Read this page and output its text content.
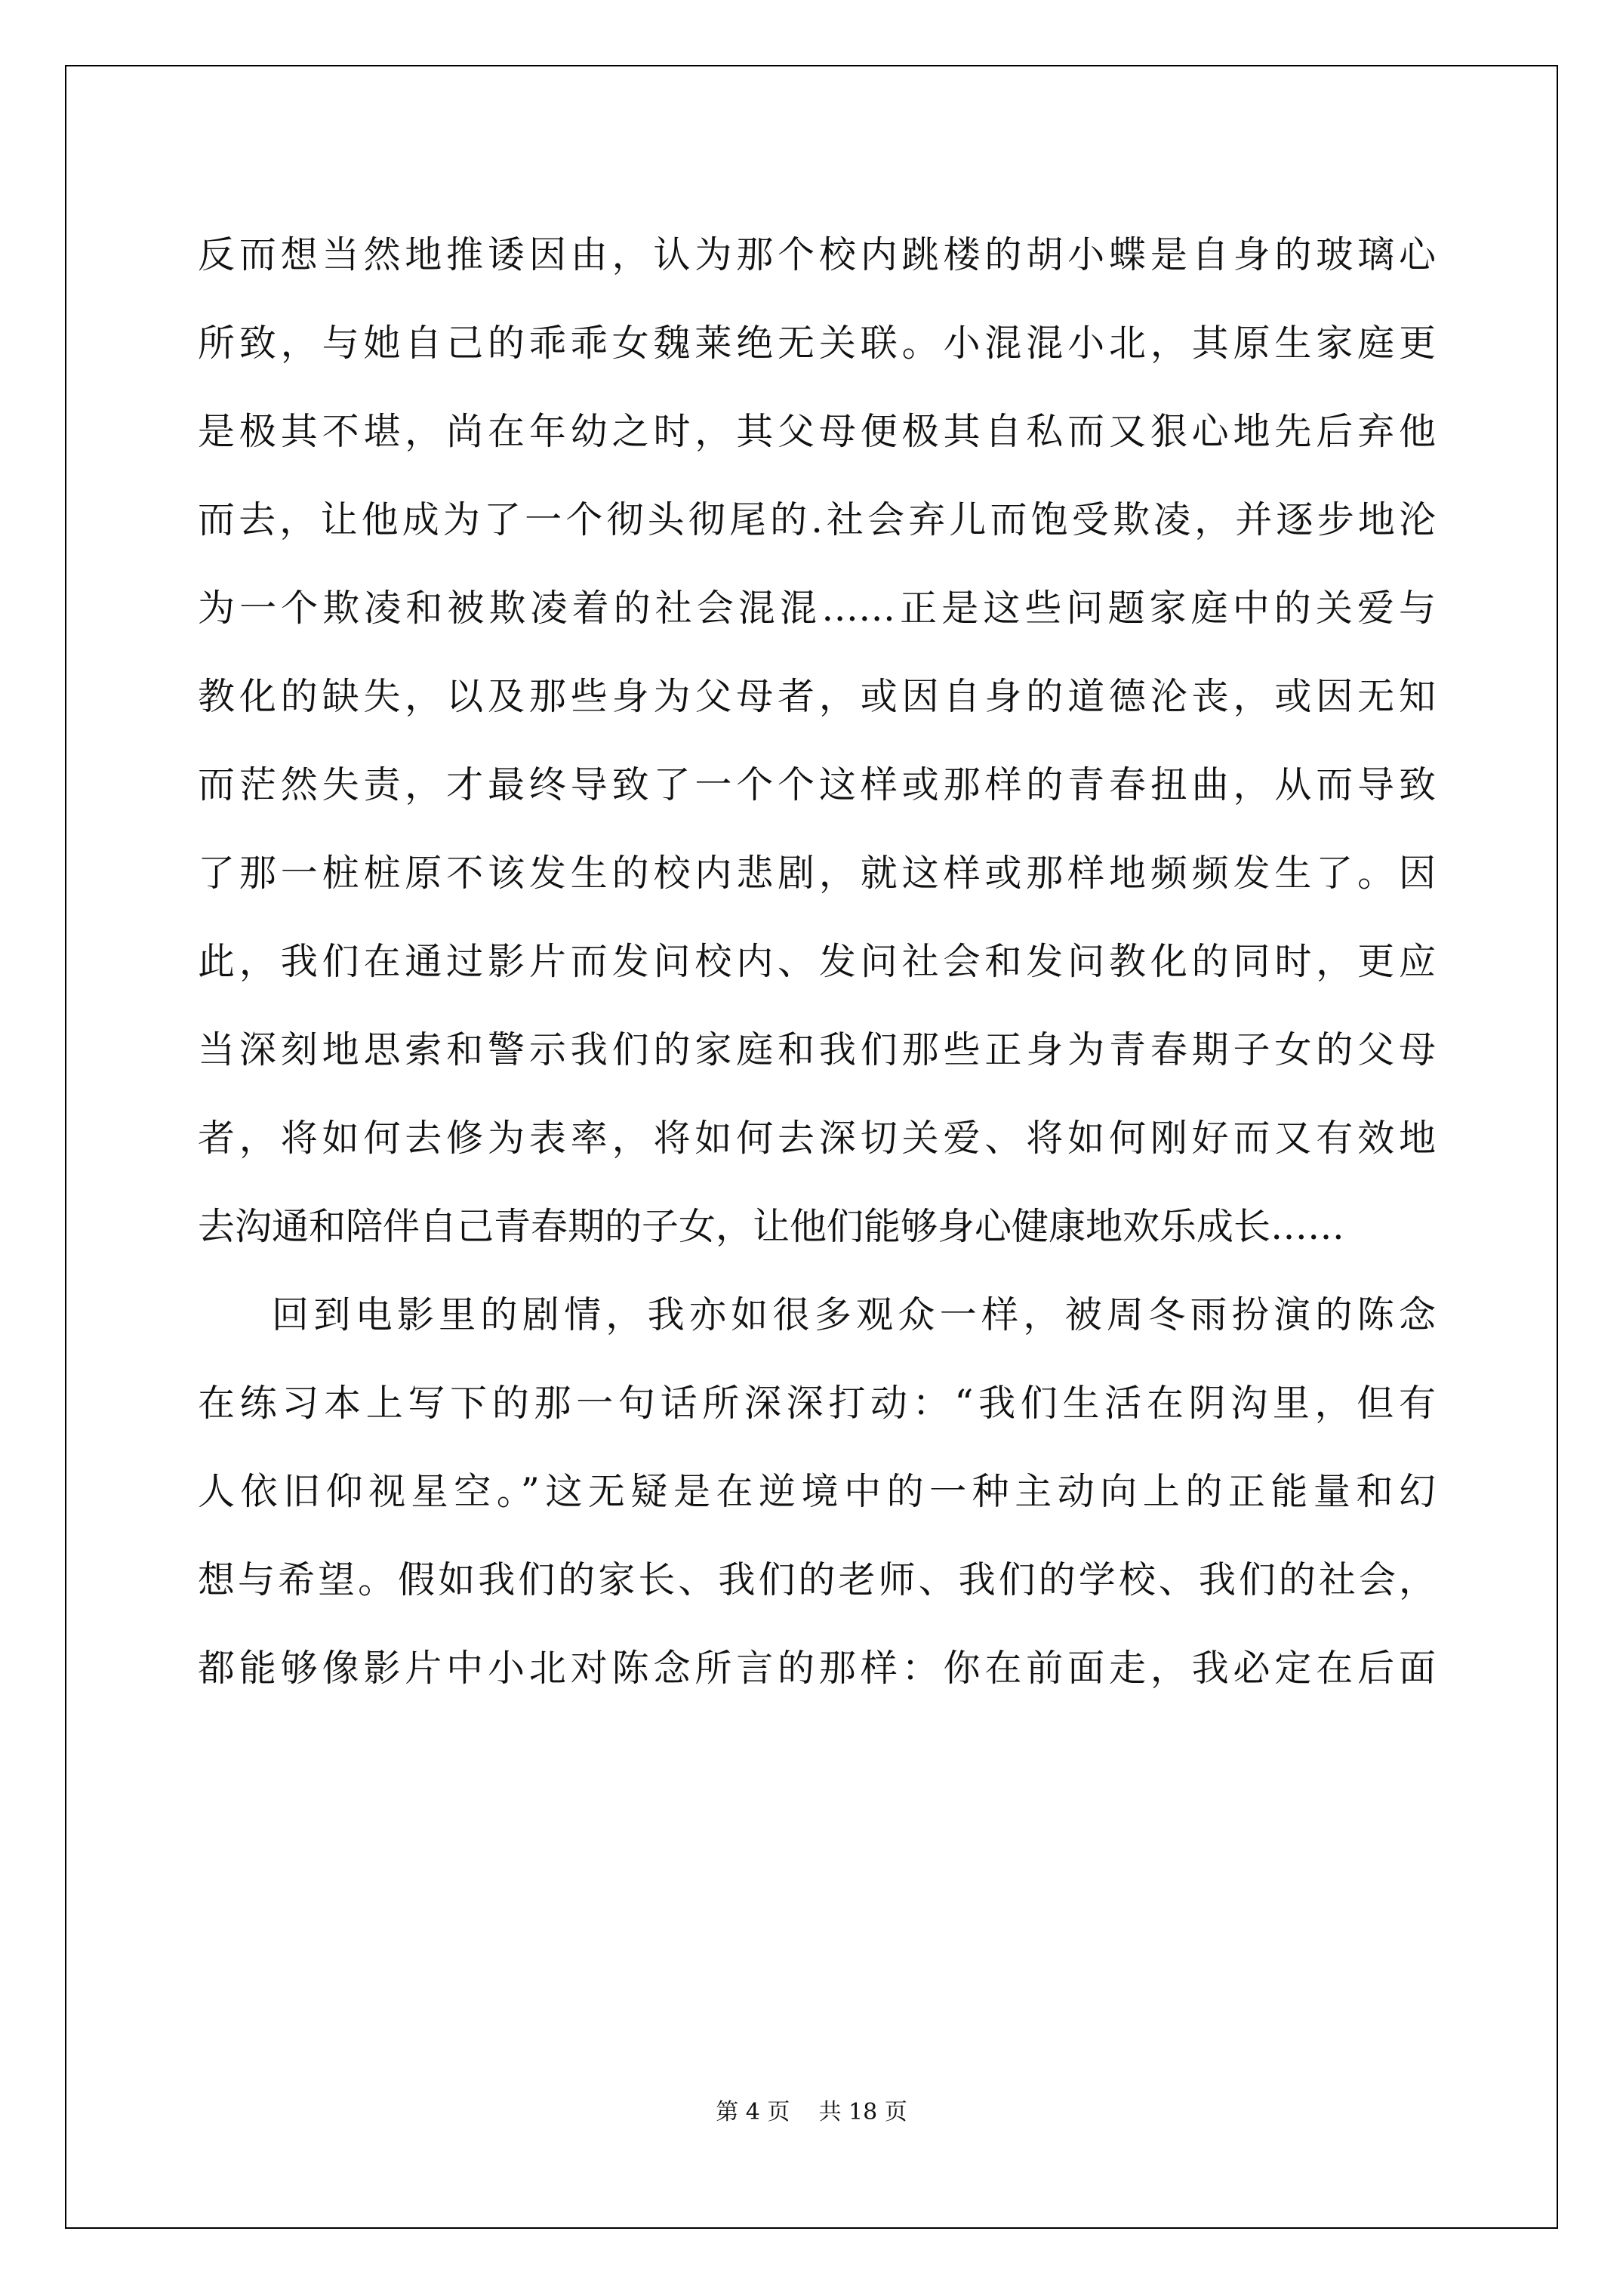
反而想当然地推诿因由，认为那个校内跳楼的胡小蝶是自身的玻璃心
所致，与她自己的乖乖女魏莱绝无关联。小混混小北，其原生家庭更
是极其不堪，尚在年幼之时，其父母便极其自私而又狠心地先后弃他
而去，让他成为了一个彻头彻尾的.社会弃儿而饱受欺凌，并逐步地沦
为一个欺凌和被欺凌着的社会混混……正是这些问题家庭中的关爱与
教化的缺失，以及那些身为父母者，或因自身的道德沦丧，或因无知
而茫然失责，才最终导致了一个个这样或那样的青春扭曲，从而导致
了那一桩桩原不该发生的校内悲剧，就这样或那样地频频发生了。因
此，我们在通过影片而发问校内、发问社会和发问教化的同时，更应
当深刻地思索和警示我们的家庭和我们那些正身为青春期子女的父母
者，将如何去修为表率，将如何去深切关爱、将如何刚好而又有效地
去沟通和陪伴自己青春期的子女，让他们能够身心健康地欢乐成长……
回到电影里的剧情，我亦如很多观众一样，被周冬雨扮演的陈念
在练习本上写下的那一句话所深深打动：“我们生活在阴沟里，但有
人依旧仰视星空。”这无疑是在逆境中的一种主动向上的正能量和幻
想与希望。假如我们的家长、我们的老师、我们的学校、我们的社会，
都能够像影片中小北对陈念所言的那样：你在前面走，我必定在后面
第 4 页    共 18 页
